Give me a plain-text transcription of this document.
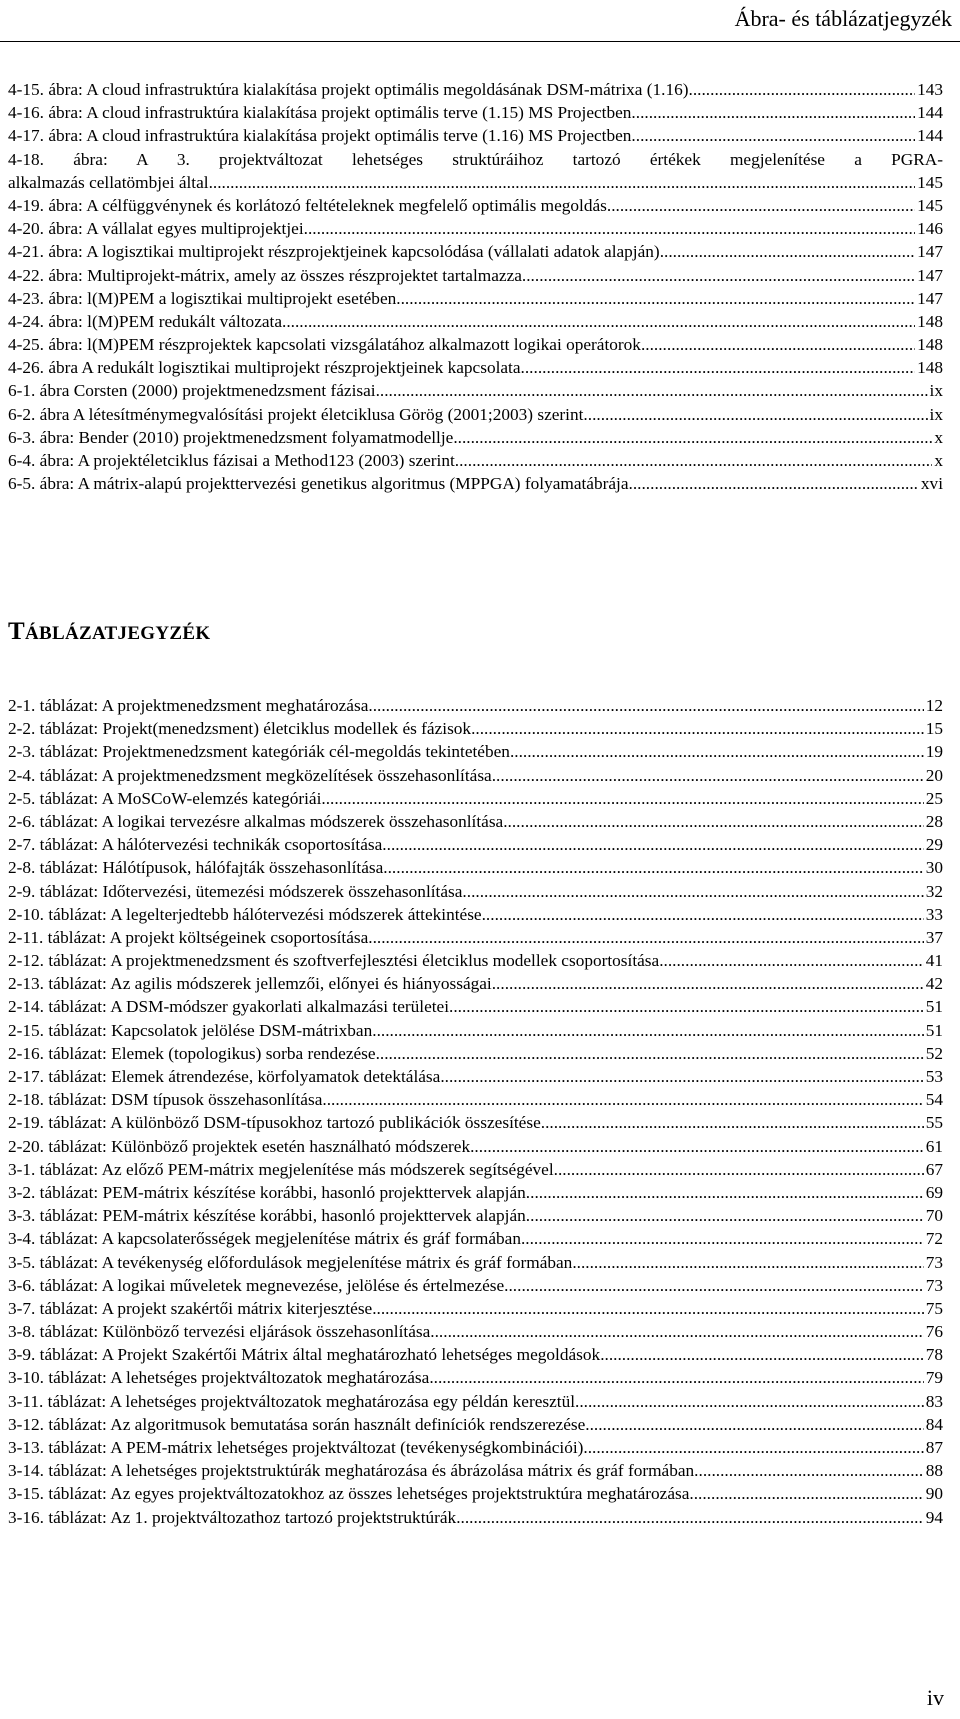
Ábra- és táblázatjegyzék
4-15. ábra: A cloud infrastruktúra kialakítása projekt optimális megoldásának DSM-mátrixa (1.16). .....	143
4-16. ábra: A cloud infrastruktúra kialakítása projekt optimális terve (1.15) MS Projectben .....	144
4-17. ábra: A cloud infrastruktúra kialakítása projekt optimális terve (1.16) MS Projectben .....	144
4-18. ábra: A 3. projektváltozat lehetséges struktúráihoz tartozó értékek megjelenítése a PGRA-
alkalmazás cellatömbjei által .....	145
4-19. ábra: A célfüggvénynek és korlátozó feltételeknek megfelelő optimális megoldás .....	145
4-20. ábra: A vállalat egyes multiprojektjei .....	146
4-21. ábra: A logisztikai multiprojekt részprojektjeinek kapcsolódása (vállalati adatok alapján) .....	147
4-22. ábra: Multiprojekt-mátrix, amely az összes részprojektet tartalmazza .....	147
4-23. ábra: l(M)PEM a logisztikai multiprojekt esetében .....	147
4-24. ábra: l(M)PEM redukált változata .....	148
4-25. ábra: l(M)PEM részprojektek kapcsolati vizsgálatához alkalmazott logikai operátorok .....	148
4-26. ábra A redukált logisztikai multiprojekt részprojektjeinek kapcsolata .....	148
6-1. ábra Corsten (2000) projektmenedzsment fázisai .....	ix
6-2. ábra A létesítménymegvalósítási projekt életciklusa Görög (2001;2003) szerint .....	ix
6-3. ábra: Bender (2010) projektmenedzsment folyamatmodellje .....	x
6-4. ábra: A projektéletciklus fázisai a Method123 (2003) szerint .....	x
6-5. ábra: A mátrix-alapú projekttervezési genetikus algoritmus (MPPGA) folyamatábrája .....	xvi
TÁBLÁZATJEGYZÉK
2-1. táblázat: A projektmenedzsment meghatározása .....	12
2-2. táblázat: Projekt(menedzsment) életciklus modellek és fázisok .....	15
2-3. táblázat: Projektmenedzsment kategóriák cél-megoldás tekintetében .....	19
2-4. táblázat: A projektmenedzsment megközelítések összehasonlítása .....	20
2-5. táblázat: A MoSCoW-elemzés kategóriái .....	25
2-6. táblázat: A logikai tervezésre alkalmas módszerek összehasonlítása .....	28
2-7. táblázat: A hálótervezési technikák csoportosítása .....	29
2-8. táblázat: Hálótípusok, hálófajták összehasonlítása .....	30
2-9. táblázat: Időtervezési, ütemezési módszerek összehasonlítása .....	32
2-10. táblázat: A legelterjedtebb hálótervezési módszerek áttekintése .....	33
2-11. táblázat: A projekt költségeinek csoportosítása .....	37
2-12. táblázat: A projektmenedzsment és szoftverfejlesztési életciklus modellek csoportosítása .....	41
2-13. táblázat: Az agilis módszerek jellemzői, előnyei és hiányosságai .....	42
2-14. táblázat: A DSM-módszer gyakorlati alkalmazási területei .....	51
2-15. táblázat: Kapcsolatok jelölése DSM-mátrixban .....	51
2-16. táblázat: Elemek (topologikus) sorba rendezése .....	52
2-17. táblázat: Elemek átrendezése, körfolyamatok detektálása .....	53
2-18. táblázat: DSM típusok összehasonlítása .....	54
2-19. táblázat: A különböző DSM-típusokhoz tartozó publikációk összesítése .....	55
2-20. táblázat: Különböző projektek esetén használható módszerek .....	61
3-1. táblázat: Az előző PEM-mátrix megjelenítése más módszerek segítségével .....	67
3-2. táblázat: PEM-mátrix készítése korábbi, hasonló projekttervek alapján .....	69
3-3. táblázat: PEM-mátrix készítése korábbi, hasonló projekttervek alapján .....	70
3-4. táblázat: A kapcsolaterősségek megjelenítése mátrix és gráf formában .....	72
3-5. táblázat: A tevékenység előfordulások megjelenítése mátrix és gráf formában .....	73
3-6. táblázat: A logikai műveletek megnevezése, jelölése és értelmezése .....	73
3-7. táblázat: A projekt szakértői mátrix kiterjesztése .....	75
3-8. táblázat: Különböző tervezési eljárások összehasonlítása .....	76
3-9. táblázat: A Projekt Szakértői Mátrix által meghatározható lehetséges megoldások .....	78
3-10. táblázat: A lehetséges projektváltozatok meghatározása .....	79
3-11. táblázat: A lehetséges projektváltozatok meghatározása egy példán keresztül .....	83
3-12. táblázat: Az algoritmusok bemutatása során használt definíciók rendszerezése .....	84
3-13. táblázat: A PEM-mátrix lehetséges projektváltozat (tevékenységkombinációi) .....	87
3-14. táblázat: A lehetséges projektstruktúrák meghatározása és ábrázolása mátrix és gráf formában .....	88
3-15. táblázat: Az egyes projektváltozatokhoz az összes lehetséges projektstruktúra meghatározása .....	90
3-16. táblázat: Az 1. projektváltozathoz tartozó projektstruktúrák .....	94
iv
